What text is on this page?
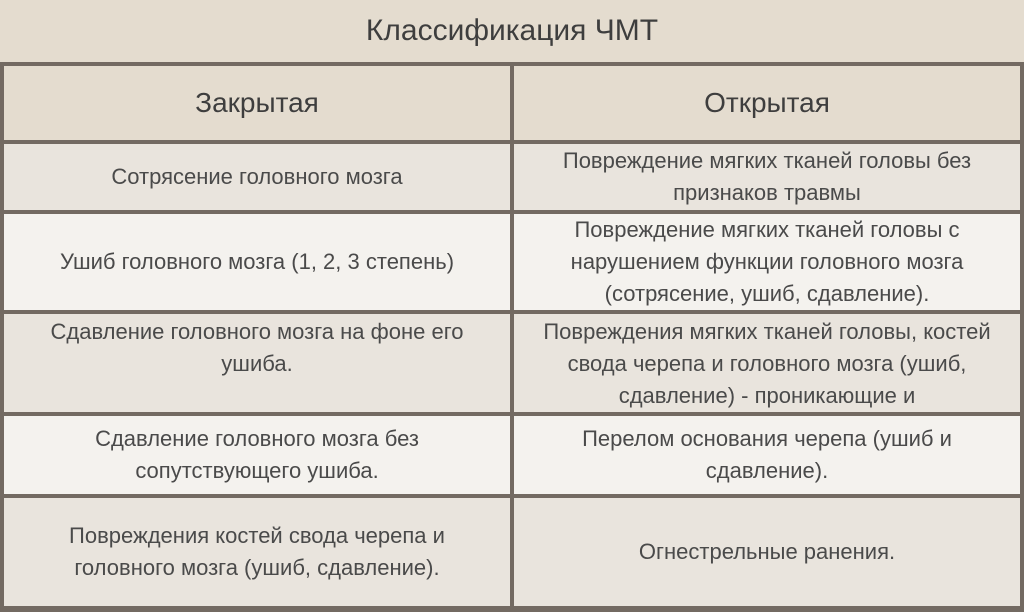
Классификация ЧМТ
Закрытая	Открытая
Сотрясение головного мозга	Повреждение мягких тканей головы без признаков травмы
Ушиб головного мозга (1, 2, 3 степень)	Повреждение мягких тканей головы с нарушением функции головного мозга (сотрясение, ушиб, сдавление).
Сдавление головного мозга на фоне его ушиба.	Повреждения мягких тканей головы, костей свода черепа и головного мозга (ушиб, сдавление) - проникающие и
Сдавление головного мозга без сопутствующего ушиба.	Перелом основания черепа (ушиб и сдавление).
Повреждения костей свода черепа и головного мозга (ушиб, сдавление).	Огнестрельные ранения.
